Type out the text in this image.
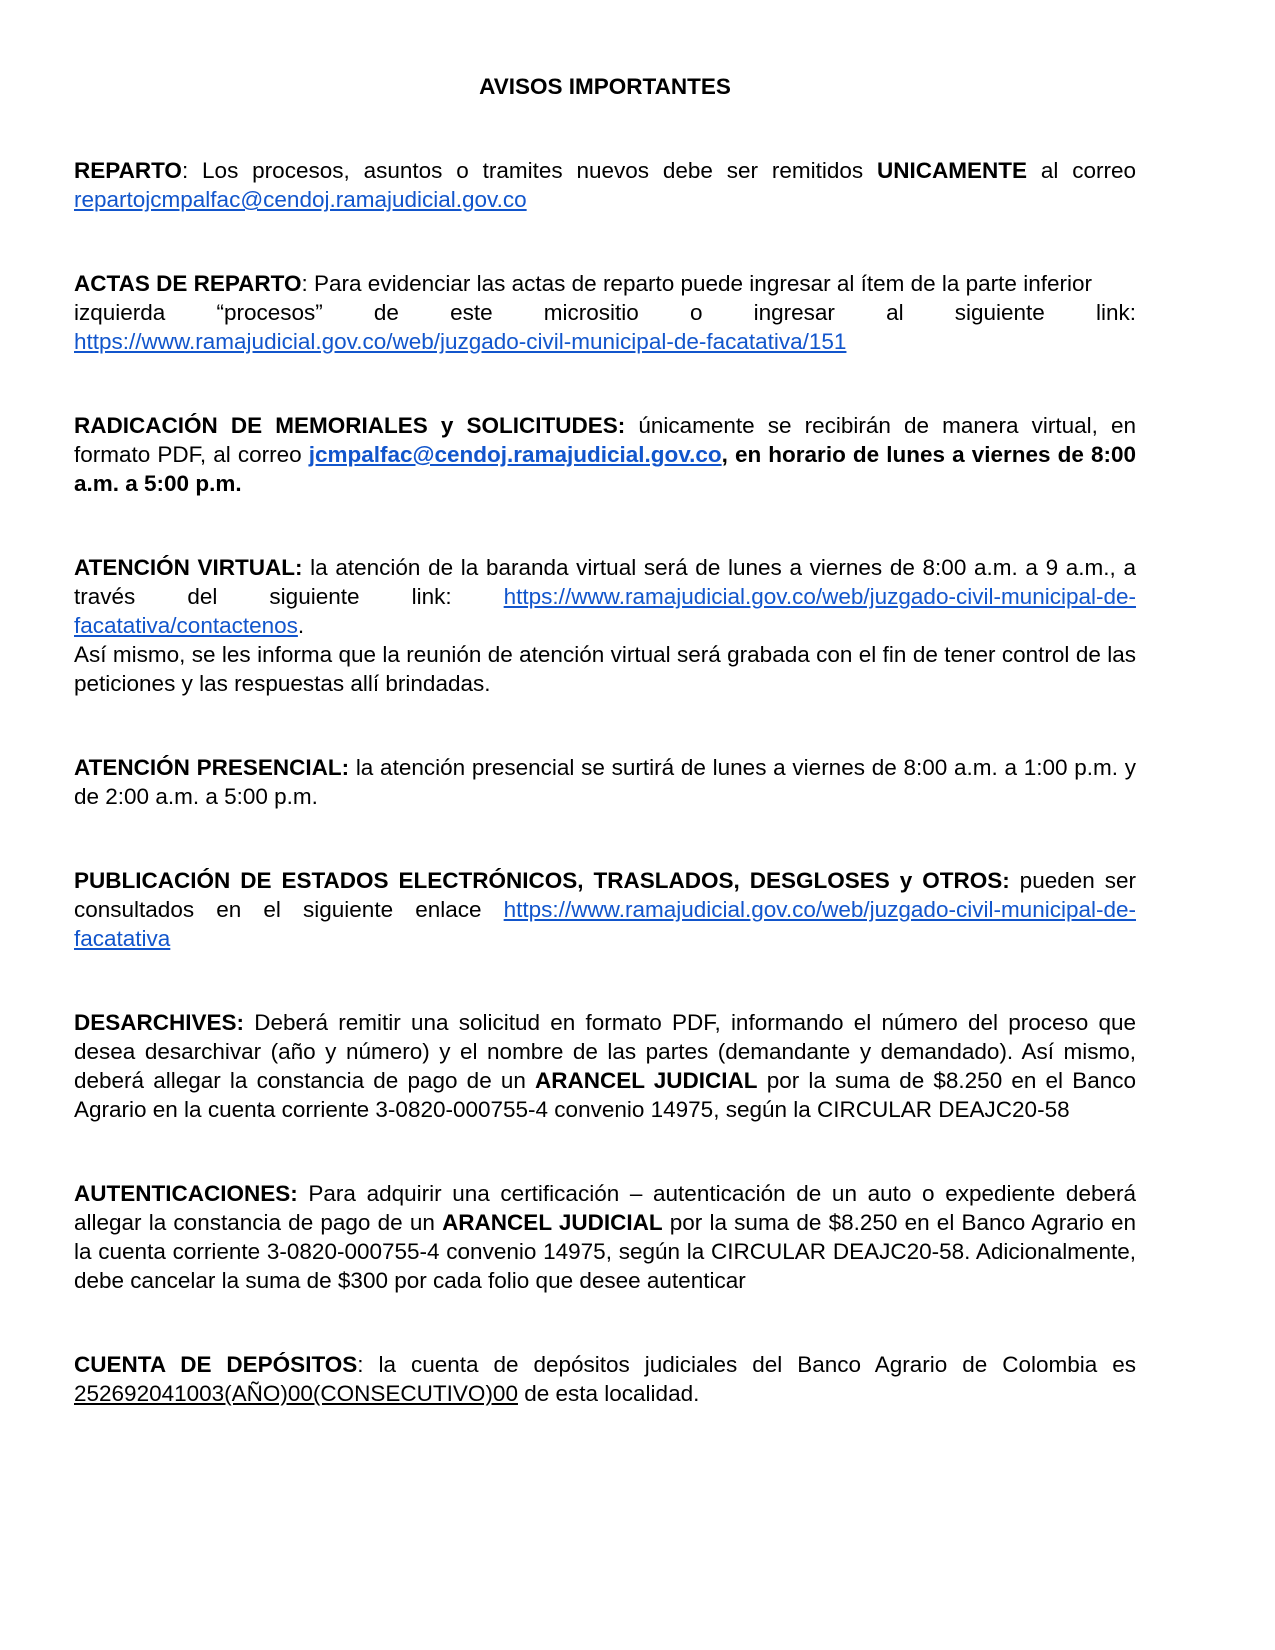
AVISOS IMPORTANTES

REPARTO: Los procesos, asuntos o tramites nuevos debe ser remitidos UNICAMENTE al correo repartojcmpalfac@cendoj.ramajudicial.gov.co

ACTAS DE REPARTO: Para evidenciar las actas de reparto puede ingresar al ítem de la parte inferior

izquierda “procesos” de este micrositio o ingresar al siguiente link:
https://www.ramajudicial.gov.co/web/juzgado-civil-municipal-de-facatativa/151

RADICACIÓN DE MEMORIALES y SOLICITUDES: únicamente se recibirán de manera virtual, en formato PDF, al correo jcmpalfac@cendoj.ramajudicial.gov.co, en horario de lunes a viernes de 8:00 a.m. a 5:00 p.m.

ATENCIÓN VIRTUAL: la atención de la baranda virtual será de lunes a viernes de 8:00 a.m. a 9 a.m., a través del siguiente link: https://www.ramajudicial.gov.co/web/juzgado-civil-municipal-de-facatativa/contactenos.
Así mismo, se les informa que la reunión de atención virtual será grabada con el fin de tener control de las peticiones y las respuestas allí brindadas.

ATENCIÓN PRESENCIAL: la atención presencial se surtirá de lunes a viernes de 8:00 a.m. a 1:00 p.m. y de 2:00 a.m. a 5:00 p.m.

PUBLICACIÓN DE ESTADOS ELECTRÓNICOS, TRASLADOS, DESGLOSES y OTROS: pueden ser consultados en el siguiente enlace https://www.ramajudicial.gov.co/web/juzgado-civil-municipal-de-facatativa

DESARCHIVES: Deberá remitir una solicitud en formato PDF, informando el número del proceso que desea desarchivar (año y número) y el nombre de las partes (demandante y demandado). Así mismo, deberá allegar la constancia de pago de un ARANCEL JUDICIAL por la suma de $8.250 en el Banco Agrario en la cuenta corriente 3-0820-000755-4 convenio 14975, según la CIRCULAR DEAJC20-58

AUTENTICACIONES: Para adquirir una certificación – autenticación de un auto o expediente deberá allegar la constancia de pago de un ARANCEL JUDICIAL por la suma de $8.250 en el Banco Agrario en la cuenta corriente 3-0820-000755-4 convenio 14975, según la CIRCULAR DEAJC20-58. Adicionalmente, debe cancelar la suma de $300 por cada folio que desee autenticar

CUENTA DE DEPÓSITOS: la cuenta de depósitos judiciales del Banco Agrario de Colombia es 252692041003(AÑO)00(CONSECUTIVO)00 de esta localidad.
